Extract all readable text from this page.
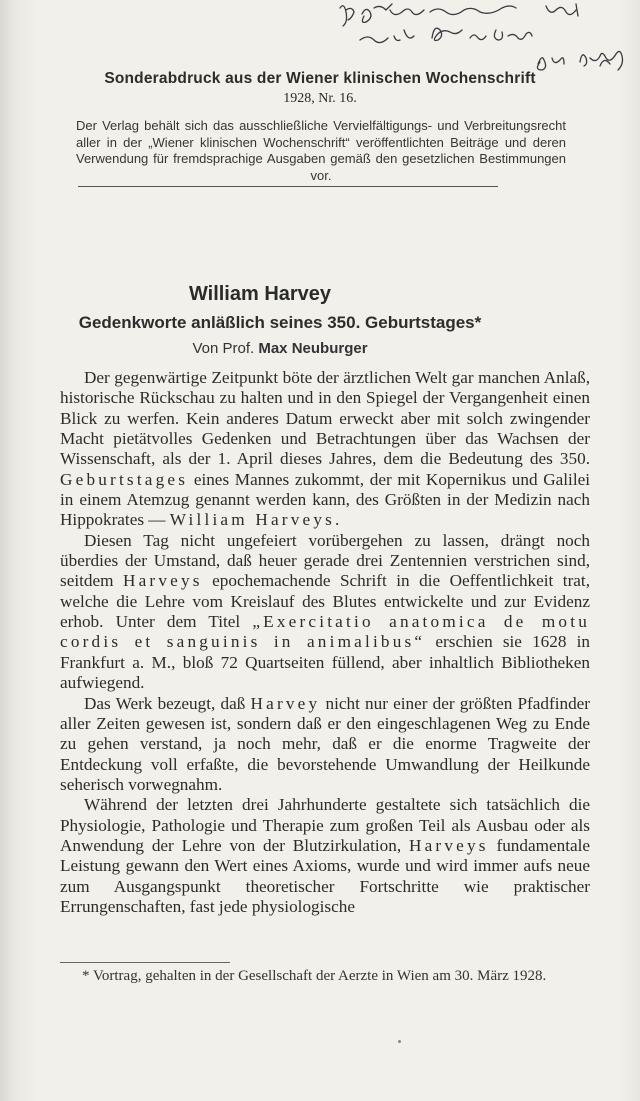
Mit bestem Gruss
an d. Kollegen
Ihr Neuburger
Sonderabdruck aus der Wiener klinischen Wochenschrift
1928, Nr. 16.
Der Verlag behält sich das ausschließliche Vervielfältigungs- und Verbreitungsrecht aller in der „Wiener klinischen Wochenschrift“ veröffentlichten Beiträge und deren Verwendung für fremdsprachige Ausgaben gemäß den gesetzlichen Bestimmungen vor.
William Harvey
Gedenkworte anläßlich seines 350. Geburtstages*
Von Prof. Max Neuburger

Der gegenwärtige Zeitpunkt böte der ärztlichen Welt gar manchen Anlaß, historische Rückschau zu halten und in den Spiegel der Vergangenheit einen Blick zu werfen. Kein anderes Datum erweckt aber mit solch zwingender Macht pietätvolles Gedenken und Betrachtungen über das Wachsen der Wissenschaft, als der 1. April dieses Jahres, dem die Bedeutung des 350. Geburtstages eines Mannes zukommt, der mit Kopernikus und Galilei in einem Atemzug genannt werden kann, des Größten in der Medizin nach Hippokrates — William Harveys.

Diesen Tag nicht ungefeiert vorübergehen zu lassen, drängt noch überdies der Umstand, daß heuer gerade drei Zentennien verstrichen sind, seitdem Harveys epochemachende Schrift in die Oeffentlichkeit trat, welche die Lehre vom Kreislauf des Blutes entwickelte und zur Evidenz erhob. Unter dem Titel „Exercitatio anatomica de motu cordis et sanguinis in animalibus“ erschien sie 1628 in Frankfurt a. M., bloß 72 Quartseiten füllend, aber inhaltlich Bibliotheken aufwiegend.

Das Werk bezeugt, daß Harvey nicht nur einer der größten Pfadfinder aller Zeiten gewesen ist, sondern daß er den eingeschlagenen Weg zu Ende zu gehen verstand, ja noch mehr, daß er die enorme Tragweite der Entdeckung voll erfaßte, die bevorstehende Umwandlung der Heilkunde seherisch vorwegnahm.

Während der letzten drei Jahrhunderte gestaltete sich tatsächlich die Physiologie, Pathologie und Therapie zum großen Teil als Ausbau oder als Anwendung der Lehre von der Blutzirkulation, Harveys fundamentale Leistung gewann den Wert eines Axioms, wurde und wird immer aufs neue zum Ausgangspunkt theoretischer Fortschritte wie praktischer Errungenschaften, fast jede physiologische

* Vortrag, gehalten in der Gesellschaft der Aerzte in Wien am 30. März 1928.
